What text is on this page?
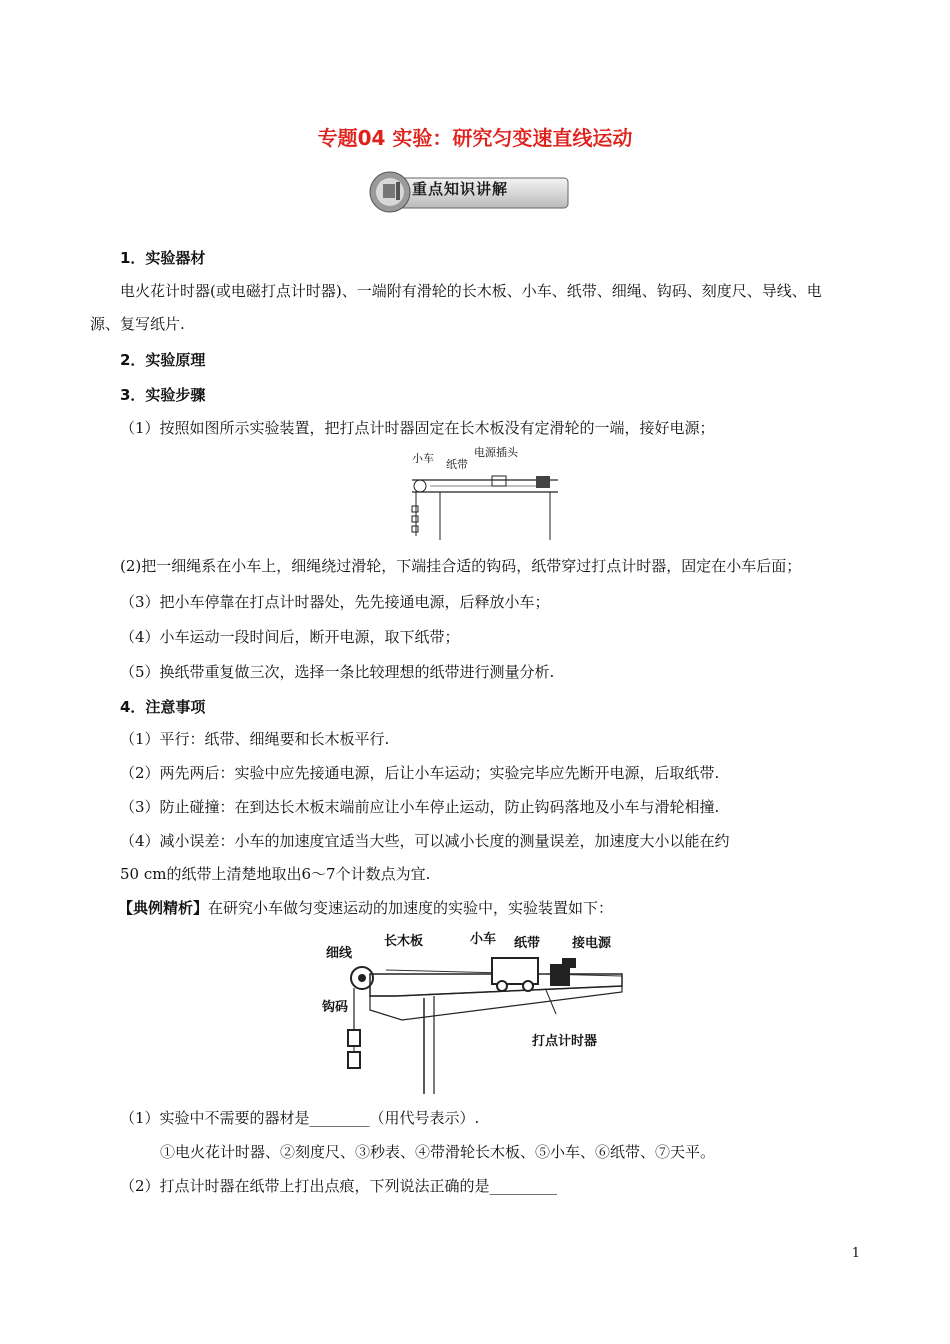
专题04 实验：研究匀变速直线运动
重点知识讲解
1．实验器材
电火花计时器(或电磁打点计时器)、一端附有滑轮的长木板、小车、纸带、细绳、钩码、刻度尺、导线、电
源、复写纸片.
2．实验原理
3．实验步骤
（1）按照如图所示实验装置，把打点计时器固定在长木板没有定滑轮的一端，接好电源；
小车 纸带
电源插头
(2)把一细绳系在小车上，细绳绕过滑轮，下端挂合适的钩码，纸带穿过打点计时器，固定在小车后面；
（3）把小车停靠在打点计时器处，先先接通电源，后释放小车；
（4）小车运动一段时间后，断开电源，取下纸带；
（5）换纸带重复做三次，选择一条比较理想的纸带进行测量分析.
4．注意事项
（1）平行：纸带、细绳要和长木板平行.
（2）两先两后：实验中应先接通电源，后让小车运动；实验完毕应先断开电源，后取纸带.
（3）防止碰撞：在到达长木板末端前应让小车停止运动，防止钩码落地及小车与滑轮相撞.
（4）减小误差：小车的加速度宜适当大些，可以减小长度的测量误差，加速度大小以能在约
50 cm的纸带上清楚地取出6～7个计数点为宜.
【典例精析】在研究小车做匀变速运动的加速度的实验中，实验装置如下：
细线
长木板	小车 纸带 接电源
钩码
打点计时器
（1）实验中不需要的器材是________（用代号表示）.
①电火花计时器、②刻度尺、③秒表、④带滑轮长木板、⑤小车、⑥纸带、⑦天平。
（2）打点计时器在纸带上打出点痕，下列说法正确的是_________
1
